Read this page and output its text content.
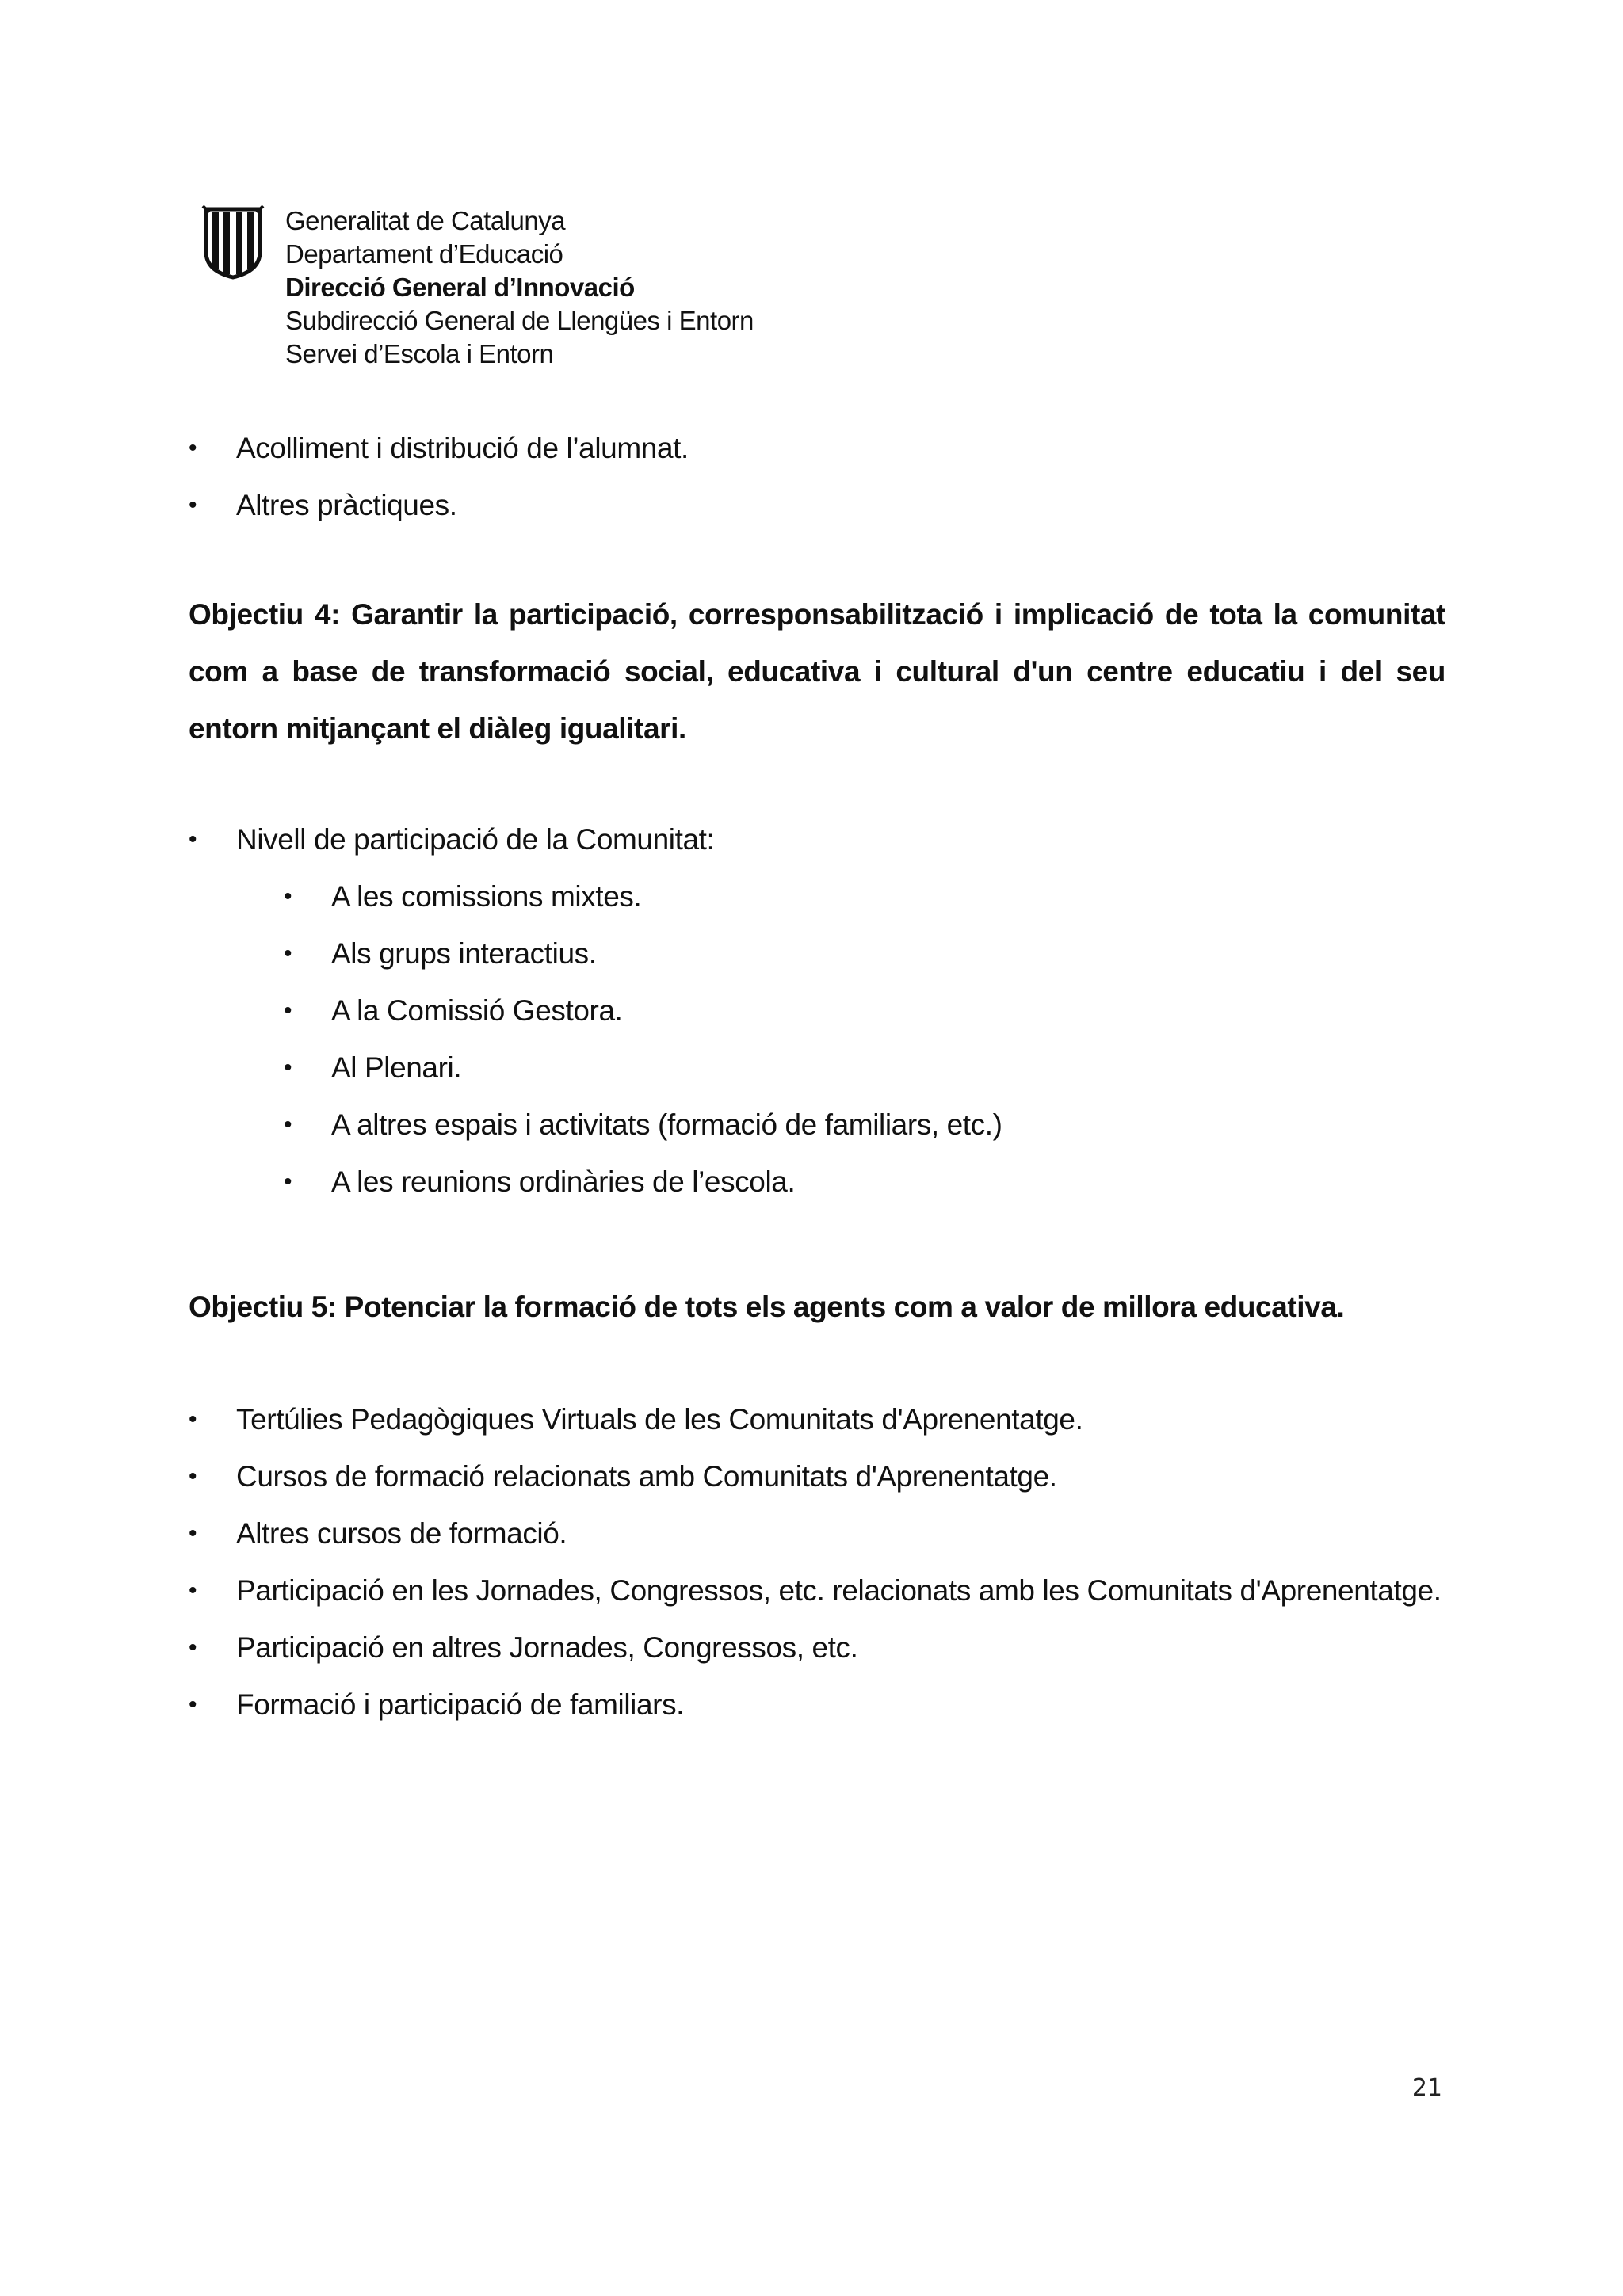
Generalitat de Catalunya
Departament d’Educació
Direcció General d’Innovació
Subdirecció General de Llengües i Entorn
Servei d’Escola i Entorn
• Acolliment i distribució de l’alumnat.
• Altres pràctiques.
Objectiu 4: Garantir la participació, corresponsabilització i implicació de tota la comunitat com a base de transformació social, educativa i cultural d'un centre educatiu i del seu entorn mitjançant el diàleg igualitari.
• Nivell de participació de la Comunitat:
• A les comissions mixtes.
• Als grups interactius.
• A la Comissió Gestora.
• Al Plenari.
• A altres espais i activitats (formació de familiars, etc.)
• A les reunions ordinàries de l’escola.
Objectiu 5: Potenciar la formació de tots els agents com a valor de millora educativa.
• Tertúlies Pedagògiques Virtuals de les Comunitats d'Aprenentatge.
• Cursos de formació relacionats amb Comunitats d'Aprenentatge.
• Altres cursos de formació.
• Participació en les Jornades, Congressos, etc. relacionats amb les Comunitats d'Aprenentatge.
• Participació en altres Jornades, Congressos, etc.
• Formació i participació de familiars.
21
